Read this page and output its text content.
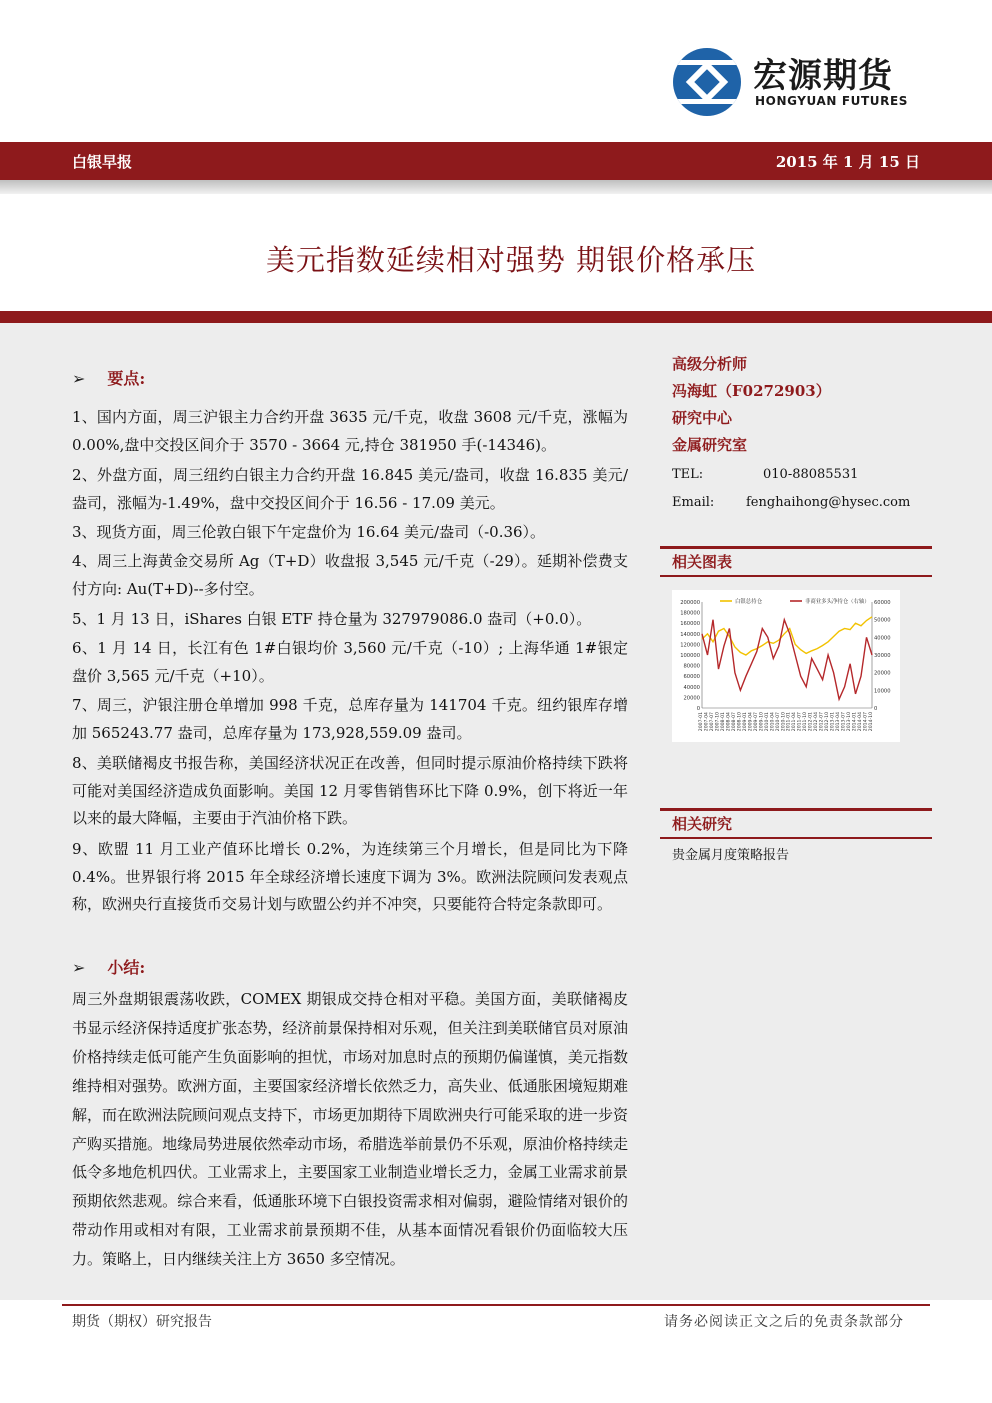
宏源期货
HONGYUAN FUTURES
白银早报	2015 年 1 月 15 日
美元指数延续相对强势 期银价格承压
➢ 要点:
1、国内方面，周三沪银主力合约开盘 3635 元/千克，收盘 3608 元/千克，涨幅为 0.00%,盘中交投区间介于 3570 - 3664 元,持仓 381950 手(-14346)。
2、外盘方面，周三纽约白银主力合约开盘 16.845 美元/盎司，收盘 16.835 美元/盎司，涨幅为-1.49%，盘中交投区间介于 16.56 - 17.09 美元。
3、现货方面，周三伦敦白银下午定盘价为 16.64 美元/盎司（-0.36）。
4、周三上海黄金交易所 Ag（T+D）收盘报 3,545 元/千克（-29）。延期补偿费支付方向: Au(T+D)--多付空。
5、1 月 13 日，iShares 白银 ETF 持仓量为 327979086.0 盎司（+0.0）。
6、1 月 14 日，长江有色 1#白银均价 3,560 元/千克（-10）; 上海华通 1#银定盘价 3,565 元/千克（+10）。
7、周三，沪银注册仓单增加 998 千克，总库存量为 141704 千克。纽约银库存增加 565243.77 盎司，总库存量为 173,928,559.09 盎司。
8、美联储褐皮书报告称，美国经济状况正在改善，但同时提示原油价格持续下跌将可能对美国经济造成负面影响。美国 12 月零售销售环比下降 0.9%，创下将近一年以来的最大降幅，主要由于汽油价格下跌。
9、欧盟 11 月工业产值环比增长 0.2%，为连续第三个月增长，但是同比为下降 0.4%。世界银行将 2015 年全球经济增长速度下调为 3%。欧洲法院顾问发表观点称，欧洲央行直接货币交易计划与欧盟公约并不冲突，只要能符合特定条款即可。
➢ 小结:
周三外盘期银震荡收跌，COMEX 期银成交持仓相对平稳。美国方面，美联储褐皮书显示经济保持适度扩张态势，经济前景保持相对乐观，但关注到美联储官员对原油价格持续走低可能产生负面影响的担忧，市场对加息时点的预期仍偏谨慎，美元指数维持相对强势。欧洲方面，主要国家经济增长依然乏力，高失业、低通胀困境短期难解，而在欧洲法院顾问观点支持下，市场更加期待下周欧洲央行可能采取的进一步资产购买措施。地缘局势进展依然牵动市场，希腊选举前景仍不乐观，原油价格持续走低令多地危机四伏。工业需求上，主要国家工业制造业增长乏力，金属工业需求前景预期依然悲观。综合来看，低通胀环境下白银投资需求相对偏弱，避险情绪对银价的带动作用或相对有限，工业需求前景预期不佳，从基本面情况看银价仍面临较大压力。策略上，日内继续关注上方 3650 多空情况。
高级分析师
冯海虹（F0272903）
研究中心
金属研究室
TEL:	010-88085531
Email: fenghaihong@hysec.com
相关图表
0
20000
40000
60000
80000
100000
120000
140000
160000
180000
200000
0
10000
20000
30000
40000
50000
60000
2007-01 2007-04 2007-07 2007-10 2008-01 2008-04 2008-07 2008-10 2009-01 2009-04 2009-07 2009-10 2010-01 2010-04 2010-07 2010-10 2011-01 2011-04 2011-07 2011-10 2012-01 2012-04 2012-07 2012-10 2013-01 2013-04 2013-07 2013-10 2014-01 2014-04 2014-07 2014-10
白银总持仓	非商业多头净持仓（右轴）
相关研究
贵金属月度策略报告
期货（期权）研究报告	请务必阅读正文之后的免责条款部分
